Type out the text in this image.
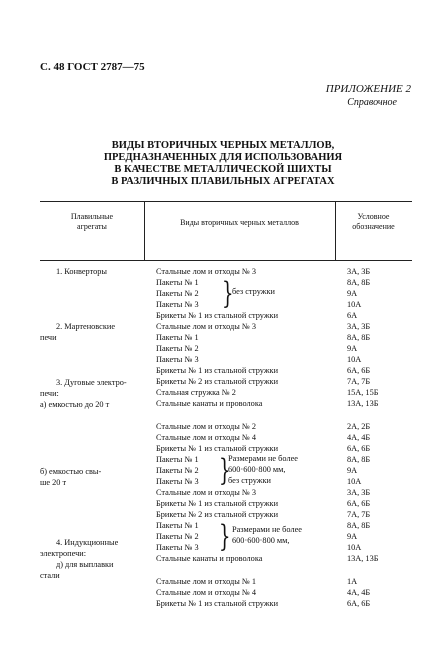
С. 48 ГОСТ 2787—75
ПРИЛОЖЕНИЕ 2
Справочное
ВИДЫ ВТОРИЧНЫХ ЧЕРНЫХ МЕТАЛЛОВ,
ПРЕДНАЗНАЧЕННЫХ ДЛЯ ИСПОЛЬЗОВАНИЯ
В КАЧЕСТВЕ МЕТАЛЛИЧЕСКОЙ ШИХТЫ
В РАЗЛИЧНЫХ ПЛАВИЛЬНЫХ АГРЕГАТАХ
Плавильные
агрегаты	Виды вторичных черных металлов
Условное
обозначение
1. Конверторы
2. Мартеновские
печи
3. Дуговые электро-
печи:
а) емкостью до 20 т
б) емкостью свы-
ше 20 т
4. Индукционные
электропечи:
д) для выплавки
стали
Стальные лом и отходы № 3
Пакеты № 1
Пакеты № 2
Пакеты № 3
Брикеты № 1 из стальной стружки
Стальные лом и отходы № 3
Пакеты № 1
Пакеты № 2
Пакеты № 3
Брикеты № 1 из стальной стружки
Брикеты № 2 из стальной стружки
Стальная стружка № 2
Стальные канаты и проволока
Стальные лом и отходы № 2
Стальные лом и отходы № 4
Брикеты № 1 из стальной стружки
Пакеты № 1
Пакеты № 2
Пакеты № 3
Стальные лом и отходы № 3
Брикеты № 1 из стальной стружки
Брикеты № 2 из стальной стружки
Пакеты № 1
Пакеты № 2
Пакеты № 3
Стальные канаты и проволока
Стальные лом и отходы № 1
Стальные лом и отходы № 4
Брикеты № 1 из стальной стружки
}
без стружки
}
Размерами не более
600·600·800 мм,
без стружки
} Размерами не более
600·600·800 мм,
3А, 3Б
8А, 8Б
9А
10А
6А
3А, 3Б
8А, 8Б
9А
10А
6А, 6Б
7А, 7Б
15А, 15Б
13А, 13Б
2А, 2Б
4А, 4Б
6А, 6Б
8А, 8Б
9А
10А
3А, 3Б
6А, 6Б
7А, 7Б
8А, 8Б
9А
10А
13А, 13Б
1А
4А, 4Б
6А, 6Б
